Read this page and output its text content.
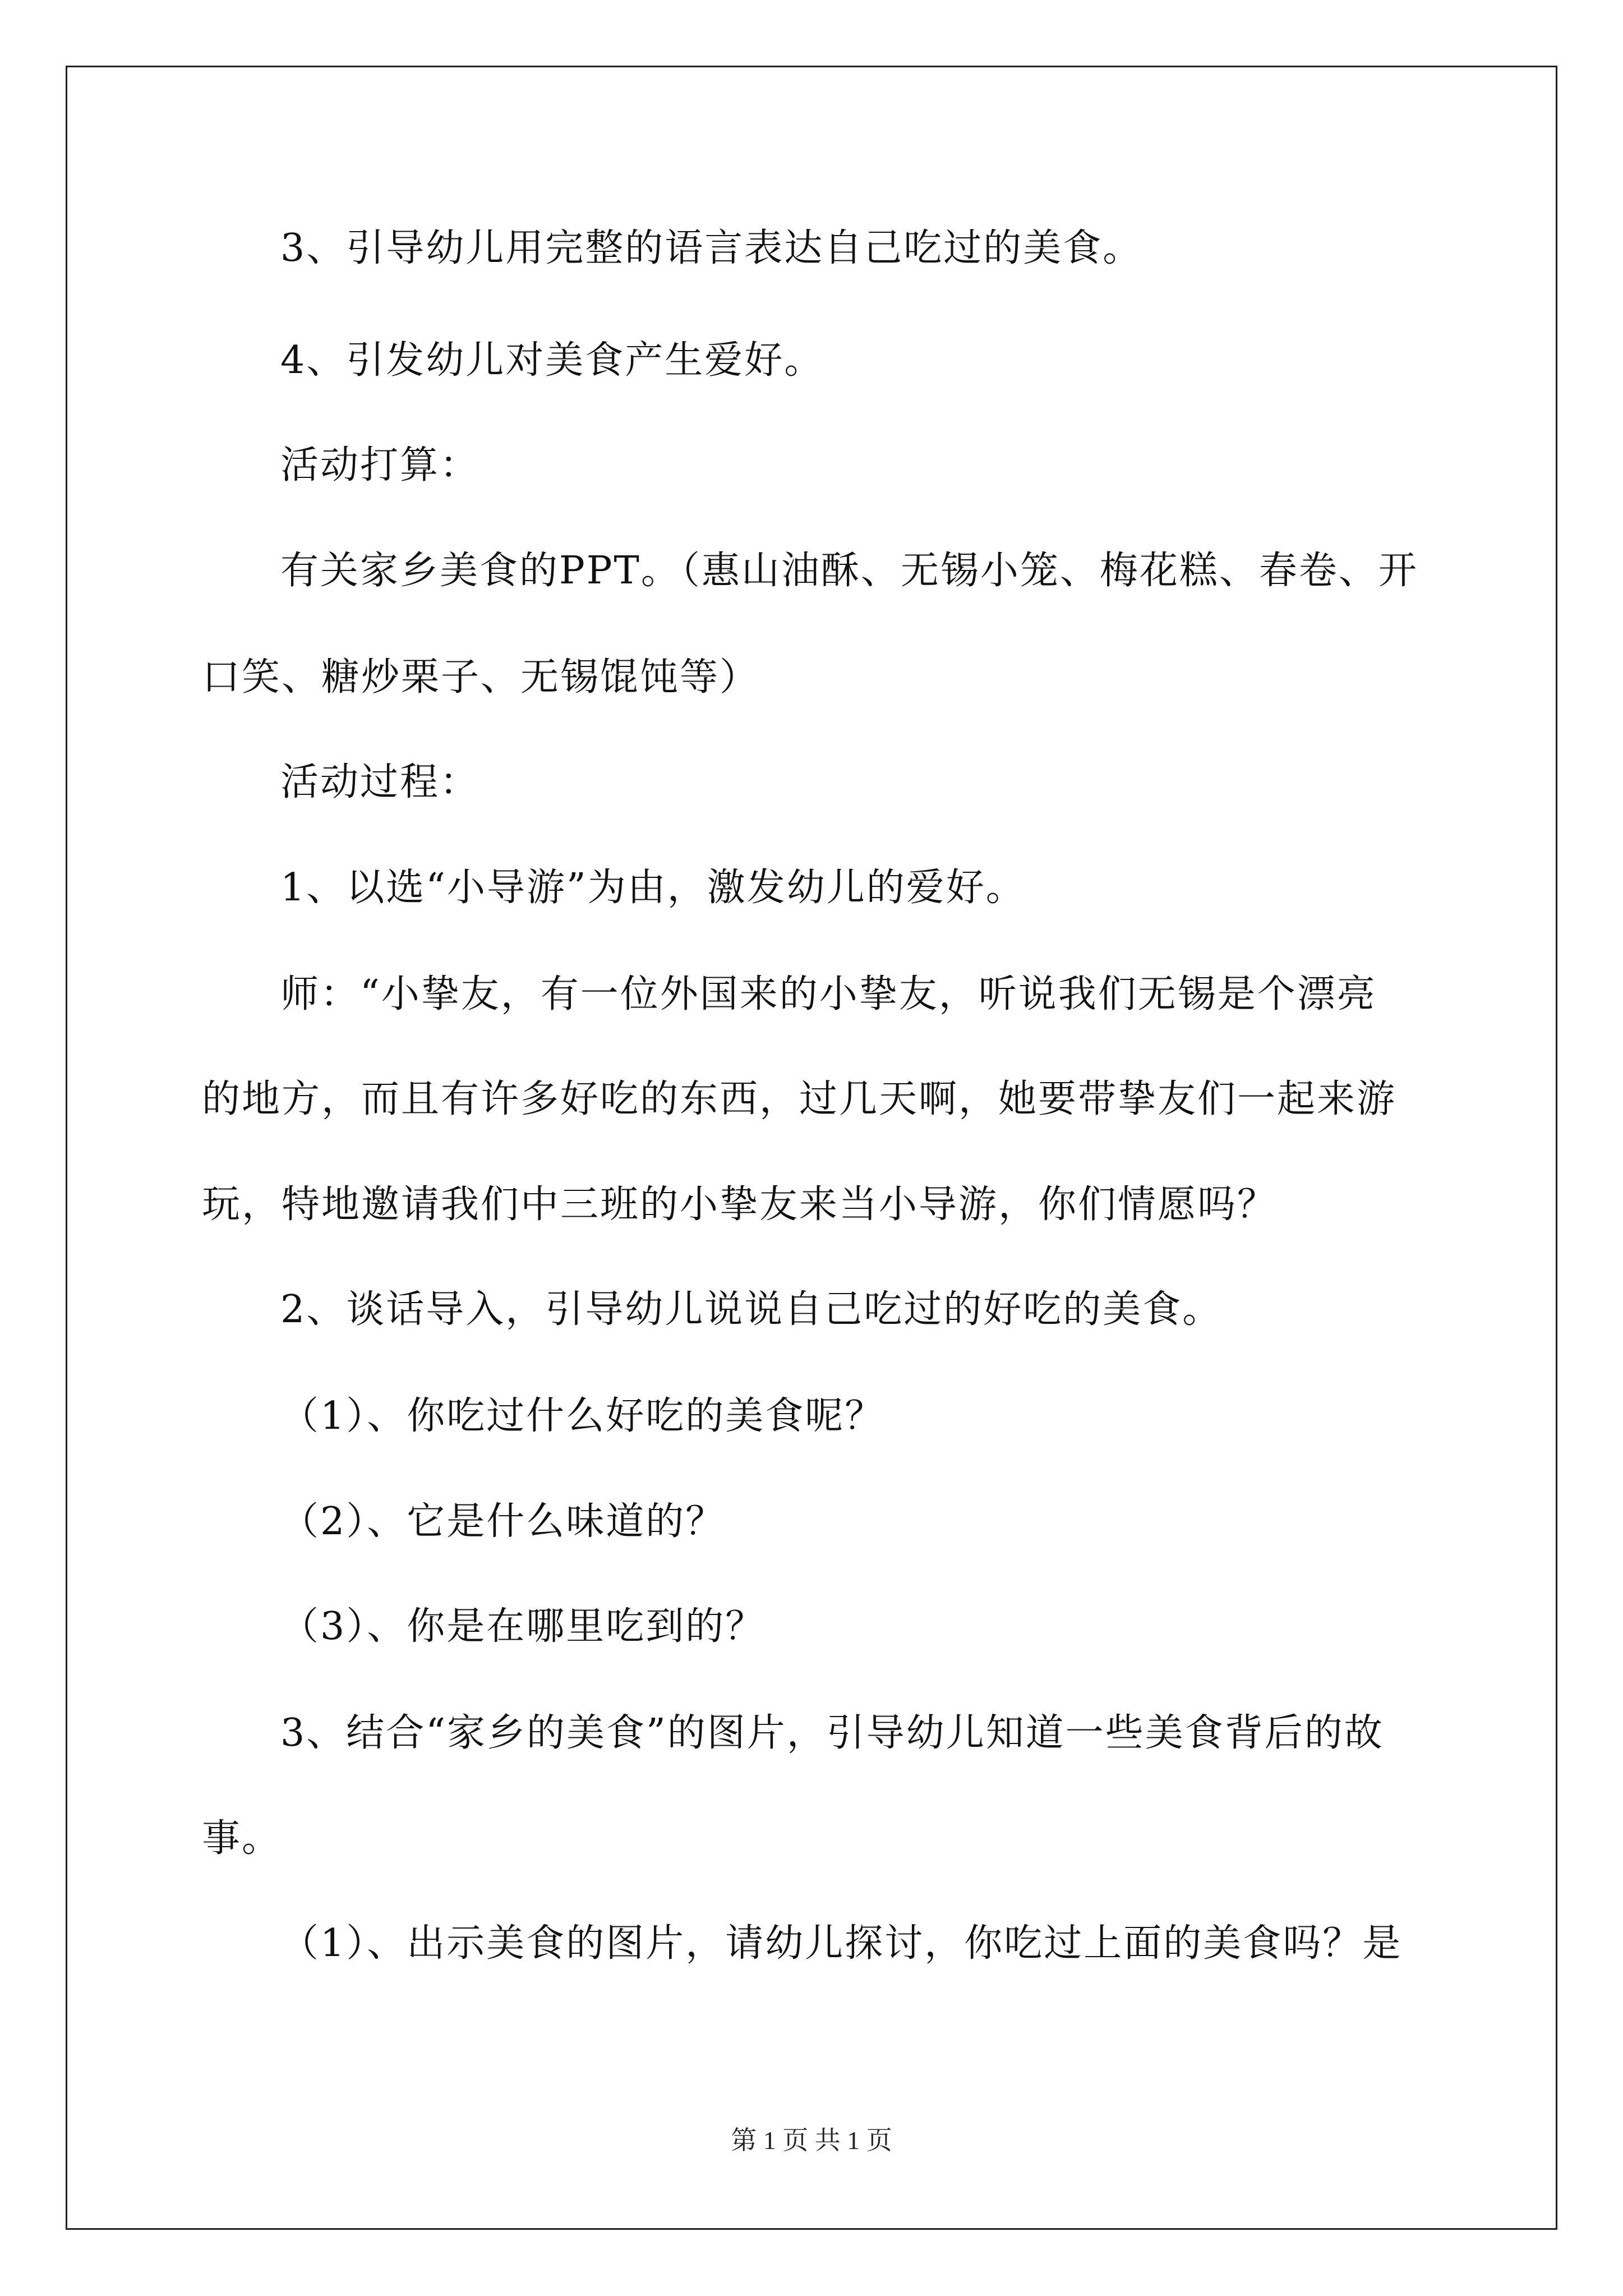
3、引导幼儿用完整的语言表达自己吃过的美食。
4、引发幼儿对美食产生爱好。
活动打算：
有关家乡美食的PPT。（惠山油酥、无锡小笼、梅花糕、春卷、开
口笑、糖炒栗子、无锡馄饨等）
活动过程：
1、以选“小导游”为由，激发幼儿的爱好。
师：“小挚友，有一位外国来的小挚友，听说我们无锡是个漂亮
的地方，而且有许多好吃的东西，过几天啊，她要带挚友们一起来游
玩，特地邀请我们中三班的小挚友来当小导游，你们情愿吗？
2、谈话导入，引导幼儿说说自己吃过的好吃的美食。
（1）、你吃过什么好吃的美食呢？
（2）、它是什么味道的？
（3）、你是在哪里吃到的？
3、结合“家乡的美食”的图片，引导幼儿知道一些美食背后的故
事。
（1）、出示美食的图片，请幼儿探讨，你吃过上面的美食吗？是
第 1 页 共 1 页
